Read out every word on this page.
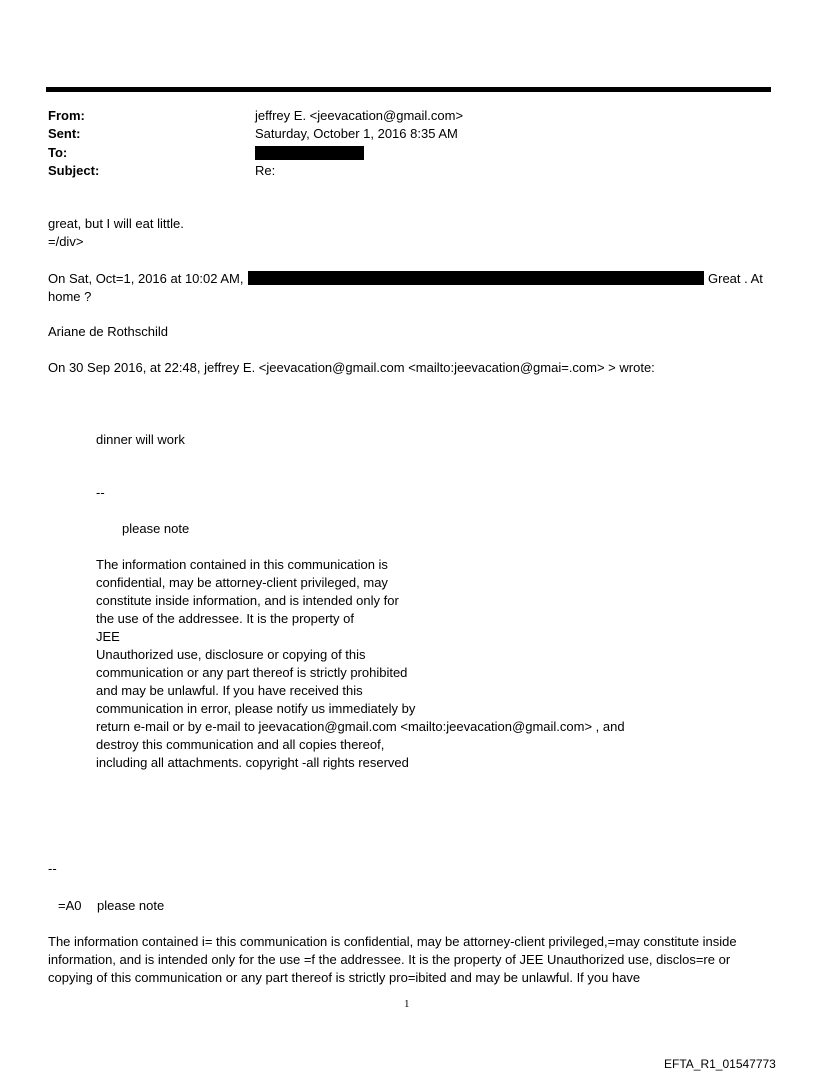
From:	jeffrey E. <jeevacation@gmail.com>
Sent:	Saturday, October 1, 2016 8:35 AM
To:
Subject:	Re:
great, but I will eat little.
=/div>
On Sat, Oct=1, 2016 at 10:02 AM,	Great . At
home ?
Ariane de Rothschild
On 30 Sep 2016, at 22:48, jeffrey E. <jeevacation@gmail.com <mailto:jeevacation@gmai=.com> > wrote:
dinner will work
--
please note
The information contained in this communication is
confidential, may be attorney-client privileged, may
constitute inside information, and is intended only for
the use of the addressee. It is the property of
JEE
Unauthorized use, disclosure or copying of this
communication or any part thereof is strictly prohibited
and may be unlawful. If you have received this
communication in error, please notify us immediately by
return e-mail or by e-mail to jeevacation@gmail.com <mailto:jeevacation@gmail.com> , and
destroy this communication and all copies thereof,
including all attachments. copyright -all rights reserved
--
=A0 please note
The information contained i= this communication is confidential, may be attorney-client privileged,=may constitute inside information, and is intended only for the use =f the addressee. It is the property of JEE Unauthorized use, disclos=re or copying of this communication or any part thereof is strictly pro=ibited and may be unlawful. If you have
1
EFTA_R1_01547773
